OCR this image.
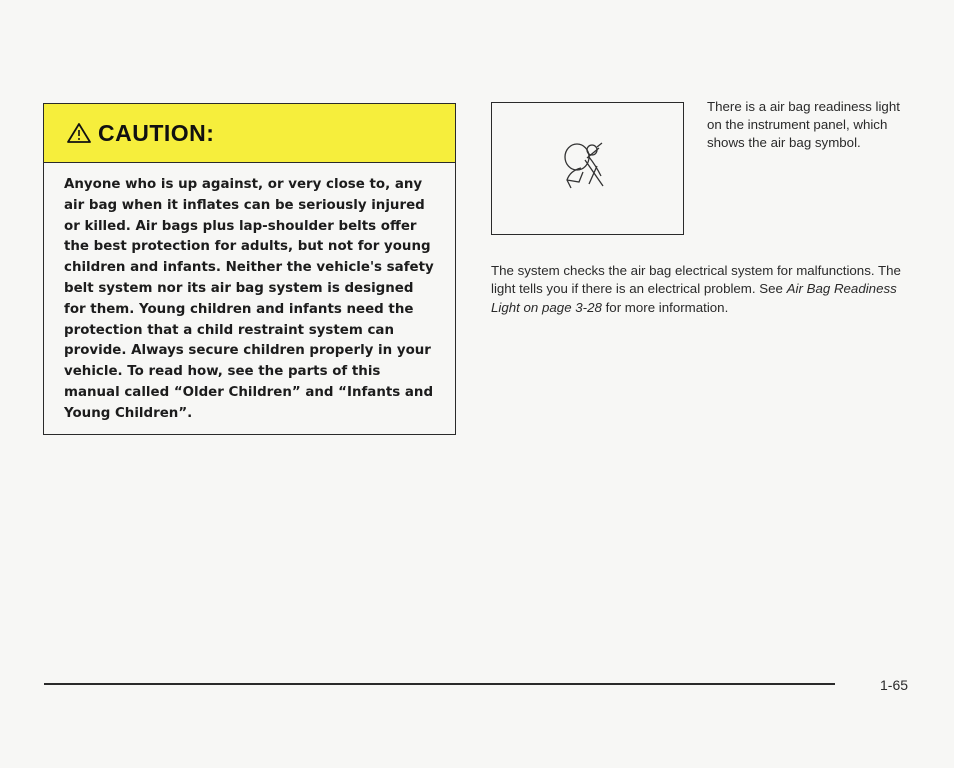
CAUTION:
Anyone who is up against, or very close to, any air bag when it inflates can be seriously injured or killed. Air bags plus lap-shoulder belts offer the best protection for adults, but not for young children and infants. Neither the vehicle's safety belt system nor its air bag system is designed for them. Young children and infants need the protection that a child restraint system can provide. Always secure children properly in your vehicle. To read how, see the parts of this manual called “Older Children” and “Infants and Young Children”.
There is a air bag readiness light on the instrument panel, which shows the air bag symbol.
The system checks the air bag electrical system for malfunctions. The light tells you if there is an electrical problem. See Air Bag Readiness Light on page 3-28 for more information.
1-65
